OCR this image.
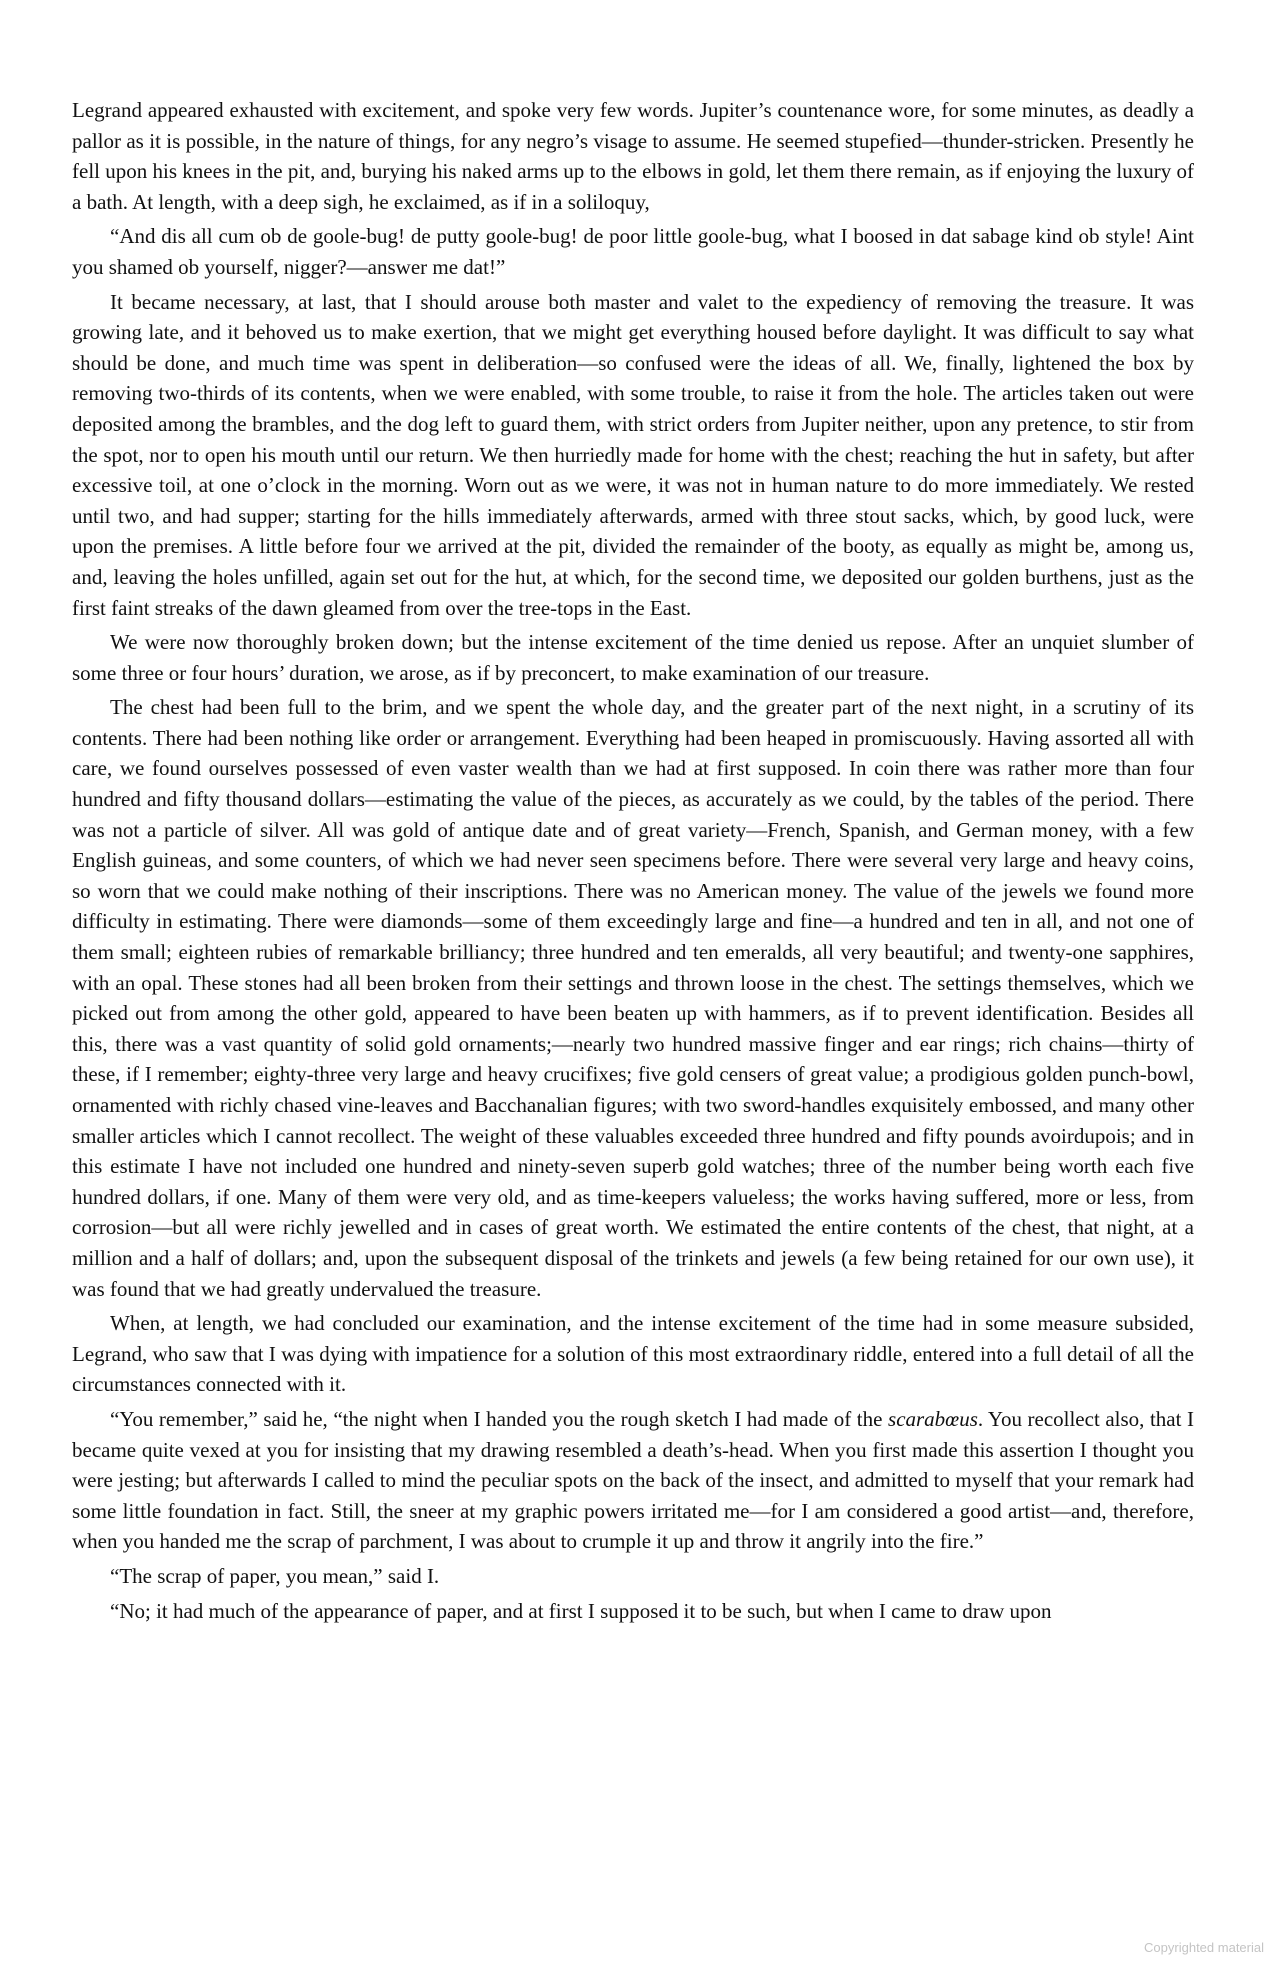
Legrand appeared exhausted with excitement, and spoke very few words. Jupiter’s countenance wore, for some minutes, as deadly a pallor as it is possible, in the nature of things, for any negro’s visage to assume. He seemed stupefied—thunder-stricken. Presently he fell upon his knees in the pit, and, burying his naked arms up to the elbows in gold, let them there remain, as if enjoying the luxury of a bath. At length, with a deep sigh, he exclaimed, as if in a soliloquy,

“And dis all cum ob de goole-bug! de putty goole-bug! de poor little goole-bug, what I boosed in dat sabage kind ob style! Aint you shamed ob yourself, nigger?—answer me dat!”

It became necessary, at last, that I should arouse both master and valet to the expediency of removing the treasure. It was growing late, and it behoved us to make exertion, that we might get everything housed before daylight. It was difficult to say what should be done, and much time was spent in deliberation—so confused were the ideas of all. We, finally, lightened the box by removing two-thirds of its contents, when we were enabled, with some trouble, to raise it from the hole. The articles taken out were deposited among the brambles, and the dog left to guard them, with strict orders from Jupiter neither, upon any pretence, to stir from the spot, nor to open his mouth until our return. We then hurriedly made for home with the chest; reaching the hut in safety, but after excessive toil, at one o’clock in the morning. Worn out as we were, it was not in human nature to do more immediately. We rested until two, and had supper; starting for the hills immediately afterwards, armed with three stout sacks, which, by good luck, were upon the premises. A little before four we arrived at the pit, divided the remainder of the booty, as equally as might be, among us, and, leaving the holes unfilled, again set out for the hut, at which, for the second time, we deposited our golden burthens, just as the first faint streaks of the dawn gleamed from over the tree-tops in the East.

We were now thoroughly broken down; but the intense excitement of the time denied us repose. After an unquiet slumber of some three or four hours’ duration, we arose, as if by preconcert, to make examination of our treasure.

The chest had been full to the brim, and we spent the whole day, and the greater part of the next night, in a scrutiny of its contents. There had been nothing like order or arrangement. Everything had been heaped in promiscuously. Having assorted all with care, we found ourselves possessed of even vaster wealth than we had at first supposed. In coin there was rather more than four hundred and fifty thousand dollars—estimating the value of the pieces, as accurately as we could, by the tables of the period. There was not a particle of silver. All was gold of antique date and of great variety—French, Spanish, and German money, with a few English guineas, and some counters, of which we had never seen specimens before. There were several very large and heavy coins, so worn that we could make nothing of their inscriptions. There was no American money. The value of the jewels we found more difficulty in estimating. There were diamonds—some of them exceedingly large and fine—a hundred and ten in all, and not one of them small; eighteen rubies of remarkable brilliancy; three hundred and ten emeralds, all very beautiful; and twenty-one sapphires, with an opal. These stones had all been broken from their settings and thrown loose in the chest. The settings themselves, which we picked out from among the other gold, appeared to have been beaten up with hammers, as if to prevent identification. Besides all this, there was a vast quantity of solid gold ornaments;—nearly two hundred massive finger and ear rings; rich chains—thirty of these, if I remember; eighty-three very large and heavy crucifixes; five gold censers of great value; a prodigious golden punch-bowl, ornamented with richly chased vine-leaves and Bacchanalian figures; with two sword-handles exquisitely embossed, and many other smaller articles which I cannot recollect. The weight of these valuables exceeded three hundred and fifty pounds avoirdupois; and in this estimate I have not included one hundred and ninety-seven superb gold watches; three of the number being worth each five hundred dollars, if one. Many of them were very old, and as time-keepers valueless; the works having suffered, more or less, from corrosion—but all were richly jewelled and in cases of great worth. We estimated the entire contents of the chest, that night, at a million and a half of dollars; and, upon the subsequent disposal of the trinkets and jewels (a few being retained for our own use), it was found that we had greatly undervalued the treasure.

When, at length, we had concluded our examination, and the intense excitement of the time had in some measure subsided, Legrand, who saw that I was dying with impatience for a solution of this most extraordinary riddle, entered into a full detail of all the circumstances connected with it.

“You remember,” said he, “the night when I handed you the rough sketch I had made of the scarabœus. You recollect also, that I became quite vexed at you for insisting that my drawing resembled a death’s-head. When you first made this assertion I thought you were jesting; but afterwards I called to mind the peculiar spots on the back of the insect, and admitted to myself that your remark had some little foundation in fact. Still, the sneer at my graphic powers irritated me—for I am considered a good artist—and, therefore, when you handed me the scrap of parchment, I was about to crumple it up and throw it angrily into the fire.”

“The scrap of paper, you mean,” said I.

“No; it had much of the appearance of paper, and at first I supposed it to be such, but when I came to draw upon

Copyrighted material
